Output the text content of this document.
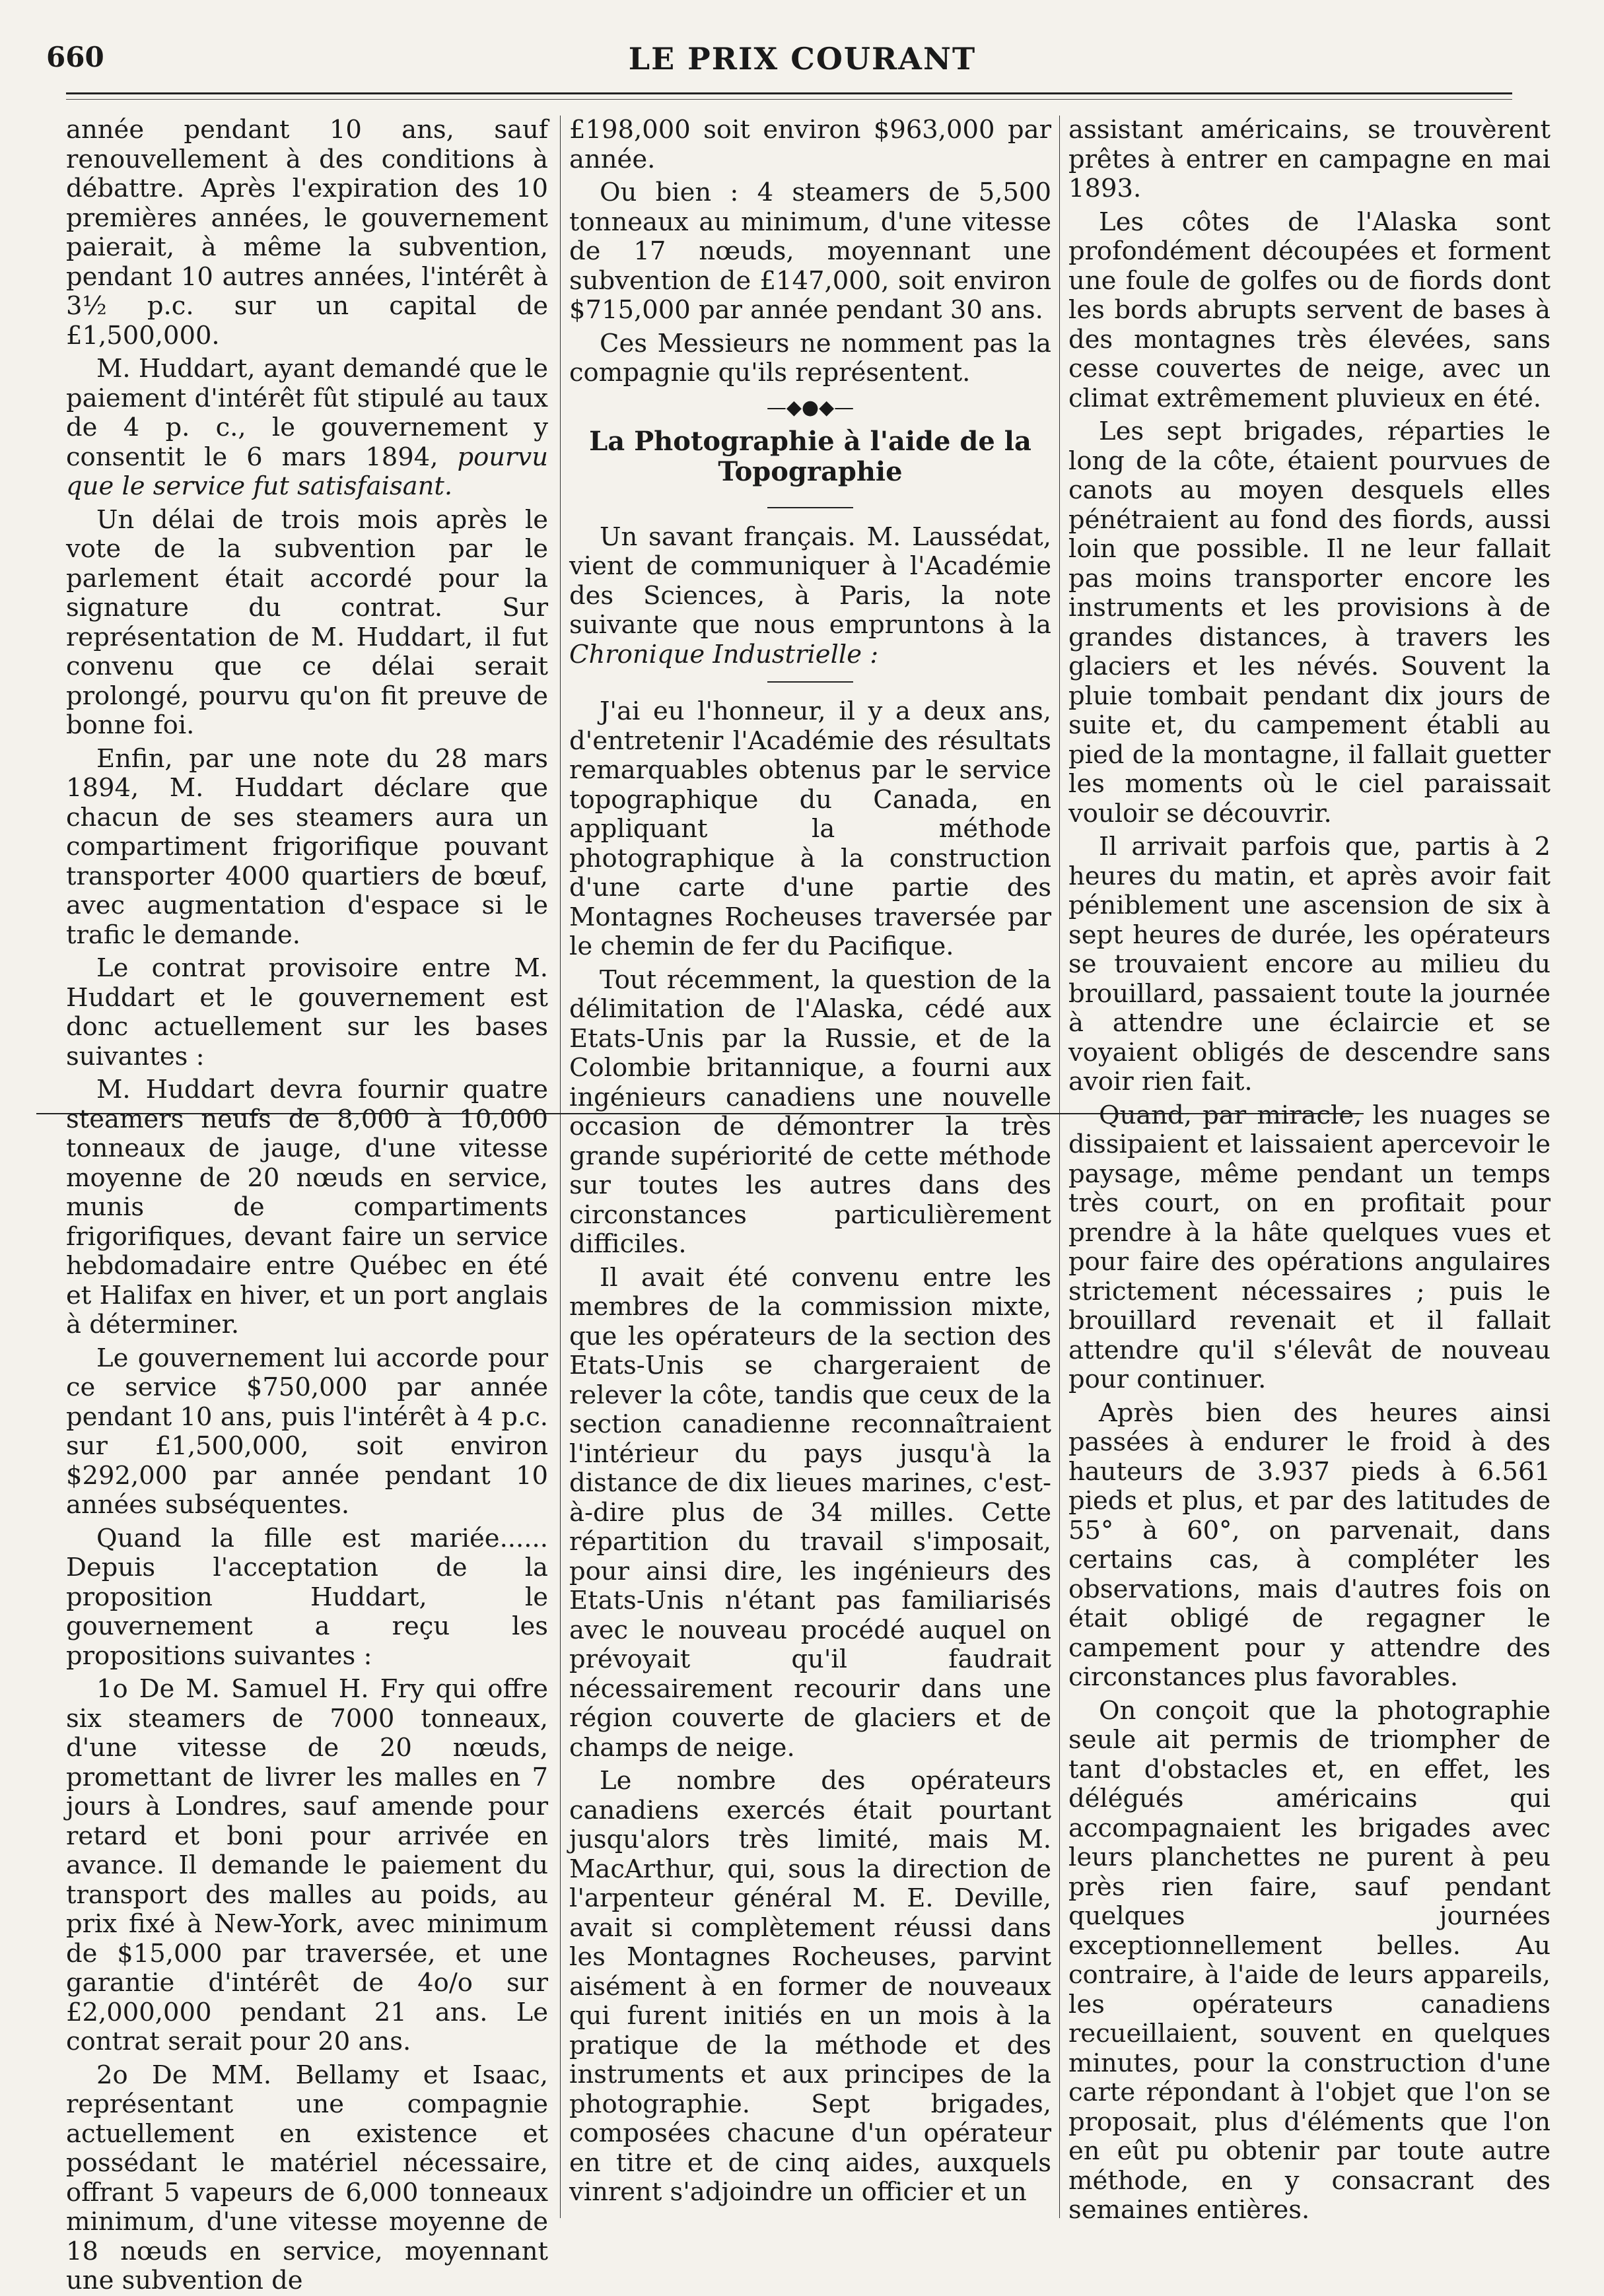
660	LE PRIX COURANT

année pendant 10 ans, sauf renouvellement à des conditions à débattre. Après l'expiration des 10 premières années, le gouvernement paierait, à même la subvention, pendant 10 autres années, l'intérêt à 3½ p.c. sur un capital de £1,500,000.

M. Huddart, ayant demandé que le paiement d'intérêt fût stipulé au taux de 4 p. c., le gouvernement y consentit le 6 mars 1894, pourvu que le service fut satisfaisant.

Un délai de trois mois après le vote de la subvention par le parlement était accordé pour la signature du contrat. Sur représentation de M. Huddart, il fut convenu que ce délai serait prolongé, pourvu qu'on fit preuve de bonne foi.

Enfin, par une note du 28 mars 1894, M. Huddart déclare que chacun de ses steamers aura un compartiment frigorifique pouvant transporter 4000 quartiers de bœuf, avec augmentation d'espace si le trafic le demande.

Le contrat provisoire entre M. Huddart et le gouvernement est donc actuellement sur les bases suivantes :

M. Huddart devra fournir quatre steamers neufs de 8,000 à 10,000 tonneaux de jauge, d'une vitesse moyenne de 20 nœuds en service, munis de compartiments frigorifiques, devant faire un service hebdomadaire entre Québec en été et Halifax en hiver, et un port anglais à déterminer.

Le gouvernement lui accorde pour ce service $750,000 par année pendant 10 ans, puis l'intérêt à 4 p.c. sur £1,500,000, soit environ $292,000 par année pendant 10 années subséquentes.

Quand la fille est mariée...... Depuis l'acceptation de la proposition Huddart, le gouvernement a reçu les propositions suivantes :

1o De M. Samuel H. Fry qui offre six steamers de 7000 tonneaux, d'une vitesse de 20 nœuds, promettant de livrer les malles en 7 jours à Londres, sauf amende pour retard et boni pour arrivée en avance. Il demande le paiement du transport des malles au poids, au prix fixé à New-York, avec minimum de $15,000 par traversée, et une garantie d'intérêt de 4o/o sur £2,000,000 pendant 21 ans. Le contrat serait pour 20 ans.

2o De MM. Bellamy et Isaac, représentant une compagnie actuellement en existence et possédant le matériel nécessaire, offrant 5 vapeurs de 6,000 tonneaux minimum, d'une vitesse moyenne de 18 nœuds en service, moyennant une subvention de

£198,000 soit environ $963,000 par année.

Ou bien : 4 steamers de 5,500 tonneaux au minimum, d'une vitesse de 17 nœuds, moyennant une subvention de £147,000, soit environ $715,000 par année pendant 30 ans.

Ces Messieurs ne nomment pas la compagnie qu'ils représentent.

—◆●◆—
La Photographie à l'aide de la Topographie

Un savant français. M. Laussédat, vient de communiquer à l'Académie des Sciences, à Paris, la note suivante que nous empruntons à la Chronique Industrielle :

J'ai eu l'honneur, il y a deux ans, d'entretenir l'Académie des résultats remarquables obtenus par le service topographique du Canada, en appliquant la méthode photographique à la construction d'une carte d'une partie des Montagnes Rocheuses traversée par le chemin de fer du Pacifique.

Tout récemment, la question de la délimitation de l'Alaska, cédé aux Etats-Unis par la Russie, et de la Colombie britannique, a fourni aux ingénieurs canadiens une nouvelle occasion de démontrer la très grande supériorité de cette méthode sur toutes les autres dans des circonstances particulièrement difficiles.

Il avait été convenu entre les membres de la commission mixte, que les opérateurs de la section des Etats-Unis se chargeraient de relever la côte, tandis que ceux de la section canadienne reconnaîtraient l'intérieur du pays jusqu'à la distance de dix lieues marines, c'est-à-dire plus de 34 milles. Cette répartition du travail s'imposait, pour ainsi dire, les ingénieurs des Etats-Unis n'étant pas familiarisés avec le nouveau procédé auquel on prévoyait qu'il faudrait nécessairement recourir dans une région couverte de glaciers et de champs de neige.

Le nombre des opérateurs canadiens exercés était pourtant jusqu'alors très limité, mais M. MacArthur, qui, sous la direction de l'arpenteur général M. E. Deville, avait si complètement réussi dans les Montagnes Rocheuses, parvint aisément à en former de nouveaux qui furent initiés en un mois à la pratique de la méthode et des instruments et aux principes de la photographie. Sept brigades, composées chacune d'un opérateur en titre et de cinq aides, auxquels vinrent s'adjoindre un officier et un

assistant américains, se trouvèrent prêtes à entrer en campagne en mai 1893.

Les côtes de l'Alaska sont profondément découpées et forment une foule de golfes ou de fiords dont les bords abrupts servent de bases à des montagnes très élevées, sans cesse couvertes de neige, avec un climat extrêmement pluvieux en été.

Les sept brigades, réparties le long de la côte, étaient pourvues de canots au moyen desquels elles pénétraient au fond des fiords, aussi loin que possible. Il ne leur fallait pas moins transporter encore les instruments et les provisions à de grandes distances, à travers les glaciers et les névés. Souvent la pluie tombait pendant dix jours de suite et, du campement établi au pied de la montagne, il fallait guetter les moments où le ciel paraissait vouloir se découvrir.

Il arrivait parfois que, partis à 2 heures du matin, et après avoir fait péniblement une ascension de six à sept heures de durée, les opérateurs se trouvaient encore au milieu du brouillard, passaient toute la journée à attendre une éclaircie et se voyaient obligés de descendre sans avoir rien fait.

Quand, par miracle, les nuages se dissipaient et laissaient apercevoir le paysage, même pendant un temps très court, on en profitait pour prendre à la hâte quelques vues et pour faire des opérations angulaires strictement nécessaires ; puis le brouillard revenait et il fallait attendre qu'il s'élevât de nouveau pour continuer.

Après bien des heures ainsi passées à endurer le froid à des hauteurs de 3.937 pieds à 6.561 pieds et plus, et par des latitudes de 55° à 60°, on parvenait, dans certains cas, à compléter les observations, mais d'autres fois on était obligé de regagner le campement pour y attendre des circonstances plus favorables.

On conçoit que la photographie seule ait permis de triompher de tant d'obstacles et, en effet, les délégués américains qui accompagnaient les brigades avec leurs planchettes ne purent à peu près rien faire, sauf pendant quelques journées exceptionnellement belles. Au contraire, à l'aide de leurs appareils, les opérateurs canadiens recueillaient, souvent en quelques minutes, pour la construction d'une carte répondant à l'objet que l'on se proposait, plus d'éléments que l'on en eût pu obtenir par toute autre méthode, en y consacrant des semaines entières.
